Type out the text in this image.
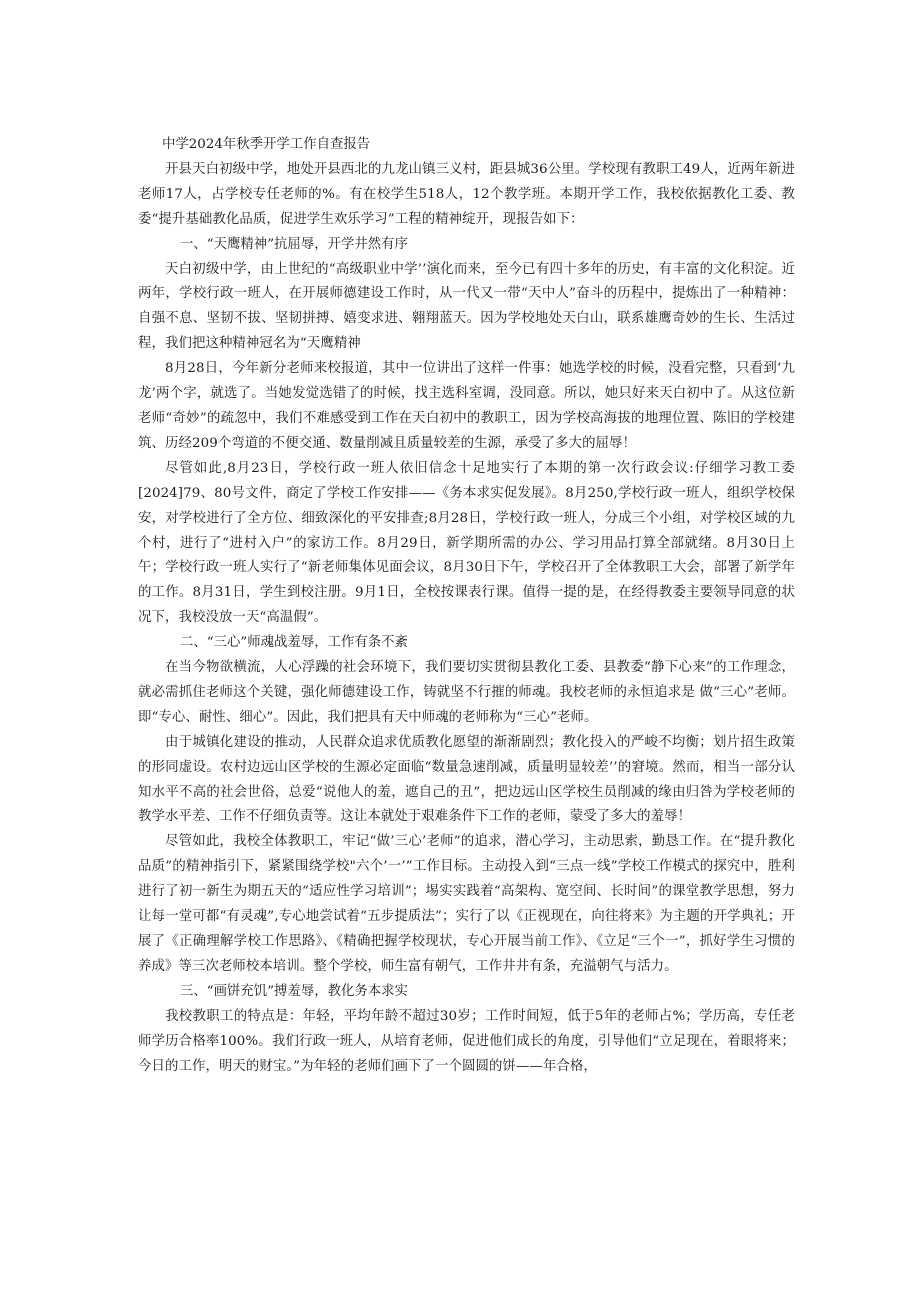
中学2024年秋季开学工作自查报告

开县天白初级中学，地处开县西北的九龙山镇三义村，距县城36公里。学校现有教职工49人，近两年新进老师17人，占学校专任老师的%。有在校学生518人，12个教学班。本期开学工作，我校依据教化工委、教委“提升基础教化品质，促进学生欢乐学习”工程的精神绽开，现报告如下：

一、“天鹰精神”抗屈辱，开学井然有序

天白初级中学，由上世纪的“高级职业中学’’演化而来，至今已有四十多年的历史，有丰富的文化积淀。近两年，学校行政一班人，在开展师德建设工作时，从一代又一带“天中人”奋斗的历程中，提炼出了一种精神：自强不息、坚韧不拔、坚韧拼搏、嬉变求进、翱翔蓝天。因为学校地处天白山，联系雄鹰奇妙的生长、生活过程，我们把这种精神冠名为“天鹰精神

8月28日，今年新分老师来校报道，其中一位讲出了这样一件事：她选学校的时候，没看完整，只看到‘九龙’两个字，就选了。当她发觉选错了的时候，找主选科室调，没同意。所以，她只好来天白初中了。从这位新老师“奇妙”的疏忽中，我们不难感受到工作在天白初中的教职工，因为学校高海拔的地理位置、陈旧的学校建筑、历经209个弯道的不便交通、数量削减且质量较差的生源，承受了多大的屈辱！

尽管如此,8月23日，学校行政一班人依旧信念十足地实行了本期的第一次行政会议:仔细学习教工委[2024]79、80号文件，商定了学校工作安排——《务本求实促发展》。8月250,学校行政一班人，组织学校保安，对学校进行了全方位、细致深化的平安排查;8月28日，学校行政一班人，分成三个小组，对学校区域的九个村，进行了“进村入户”的家访工作。8月29日，新学期所需的办公、学习用品打算全部就绪。8月30日上午；学校行政一班人实行了“新老师集体见面会议，8月30日下午，学校召开了全体教职工大会，部署了新学年的工作。8月31日，学生到校注册。9月1日，全校按课表行课。值得一提的是，在经得教委主要领导同意的状况下，我校没放一天“高温假”。

二、“三心”师魂战羞辱，工作有条不紊

在当今物欲横流，人心浮躁的社会环境下，我们要切实贯彻县教化工委、县教委“静下心来”的工作理念，就必需抓住老师这个关键，强化师德建设工作，铸就坚不行摧的师魂。我校老师的永恒追求是 做“三心”老师。即“专心、耐性、细心”。因此，我们把具有天中师魂的老师称为“三心”老师。

由于城镇化建设的推动，人民群众追求优质教化愿望的渐渐剧烈；教化投入的严峻不均衡；划片招生政策的形同虚设。农村边远山区学校的生源必定面临“数量急速削减，质量明显较差’’的窘境。然而，相当一部分认知水平不高的社会世俗，总爱“说他人的羞，遮自己的丑”，把边远山区学校生员削减的缘由归咎为学校老师的教学水平差、工作不仔细负责等。这让本就处于艰难条件下工作的老师，蒙受了多大的羞辱！

尽管如此，我校全体教职工，牢记“做’三心’老师”的追求，潜心学习，主动思索，勤恳工作。在“提升教化品质”的精神指引下，紧紧围绕学校"六个’一’”工作目标。主动投入到“三点一线”学校工作模式的探究中，胜利进行了初一新生为期五天的“适应性学习培训”；埸实实践着“高架构、宽空间、长时间”的课堂教学思想，努力让每一堂可都“有灵魂”,专心地尝试着“五步提质法”；实行了以《正视现在，向往将来》为主题的开学典礼；开展了《正确理解学校工作思路》、《精确把握学校现状，专心开展当前工作》、《立足“三个一”，抓好学生习惯的养成》等三次老师校本培训。整个学校，师生富有朝气，工作井井有条，充溢朝气与活力。

三、“画饼充饥”搏羞辱，教化务本求实

我校教职工的特点是：年轻，平均年龄不超过30岁；工作时间短，低于5年的老师占%；学历高，专任老师学历合格率100%。我们行政一班人，从培育老师，促进他们成长的角度，引导他们“立足现在，着眼将来；今日的工作，明天的财宝。”为年轻的老师们画下了一个圆圆的饼——年合格，
